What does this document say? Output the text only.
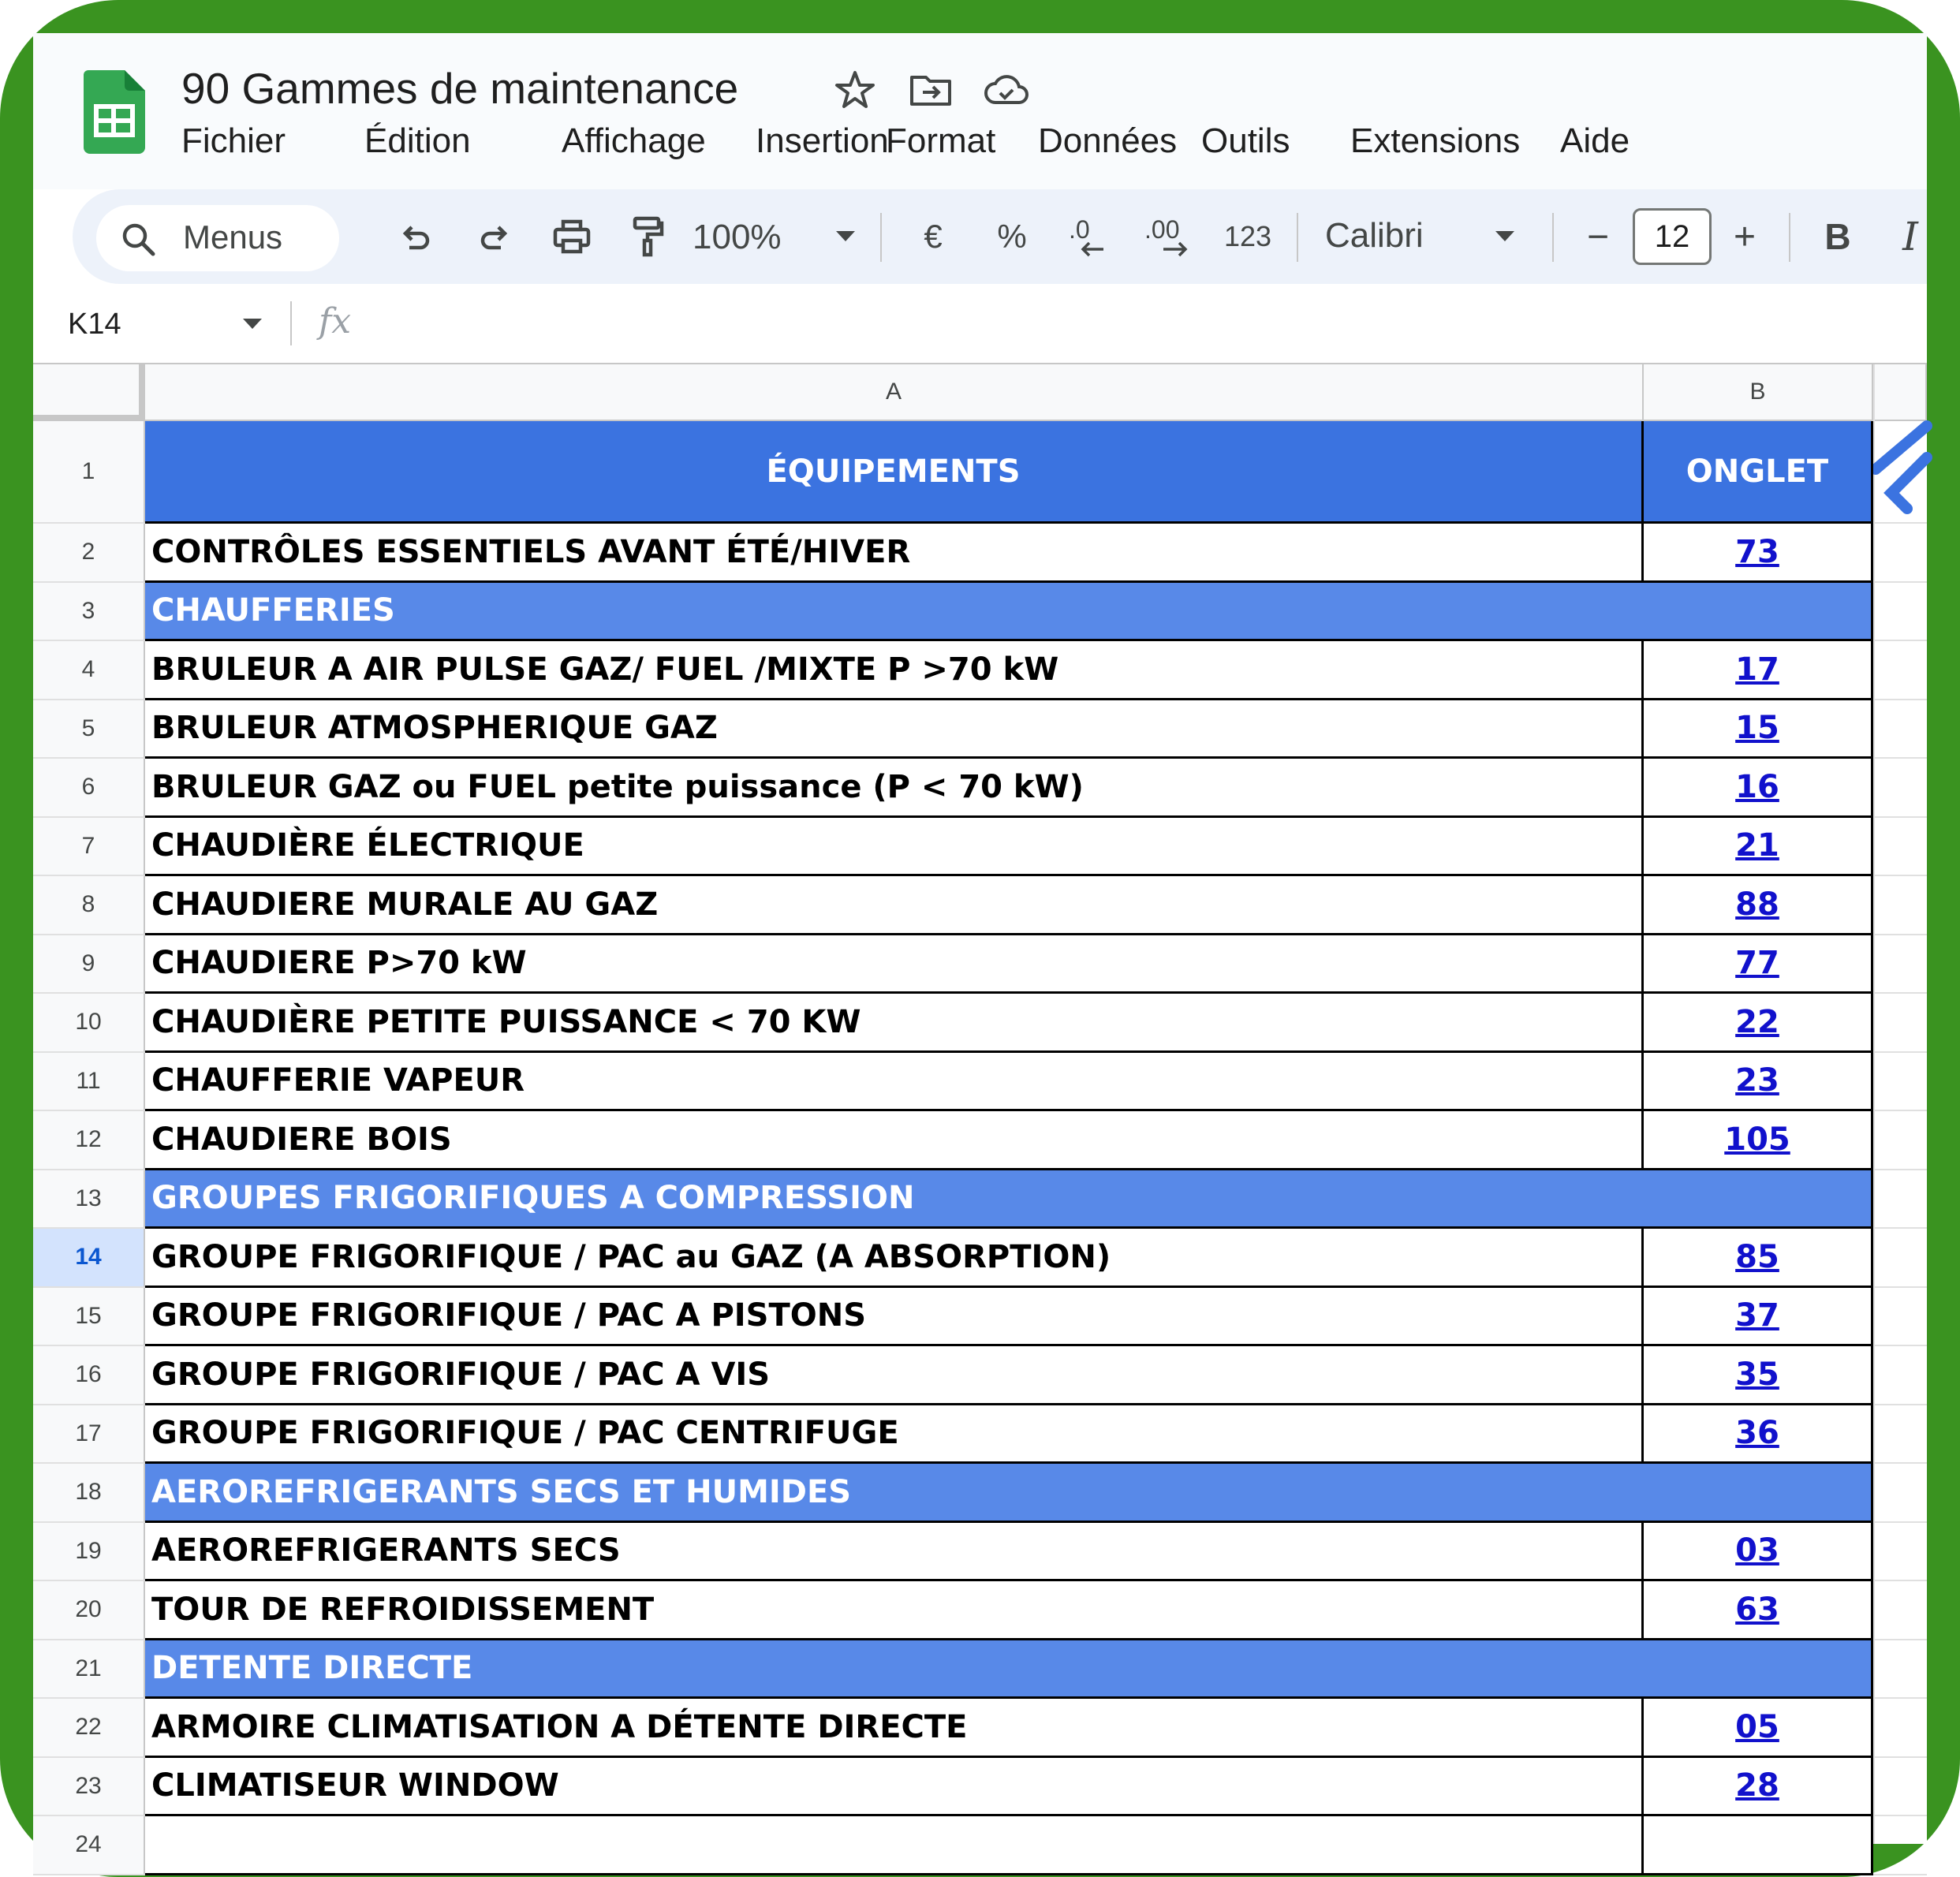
90 Gammes de maintenance
Fichier Édition	Affichage Insertion
Format Données Outils Extensions Aide
Menus	100%	€	%	.0 .00 123 Calibri	−	12	+	B	I
K14	fx
A	B
1	ÉQUIPEMENTS	ONGLET
2	CONTRÔLES ESSENTIELS AVANT ÉTÉ/HIVER	73
3	CHAUFFERIES
4	BRULEUR A AIR PULSE GAZ/ FUEL /MIXTE P >70 kW	17
5	BRULEUR ATMOSPHERIQUE GAZ	15
6	BRULEUR GAZ ou FUEL petite puissance (P < 70 kW)	16
7	CHAUDIÈRE ÉLECTRIQUE	21
8	CHAUDIERE MURALE AU GAZ	88
9	CHAUDIERE P>70 kW	77
10	CHAUDIÈRE PETITE PUISSANCE < 70 KW	22
11	CHAUFFERIE VAPEUR	23
12	CHAUDIERE BOIS	105
13	GROUPES FRIGORIFIQUES A COMPRESSION
14	GROUPE FRIGORIFIQUE / PAC au GAZ (A ABSORPTION)	85
15	GROUPE FRIGORIFIQUE / PAC A PISTONS	37
16	GROUPE FRIGORIFIQUE / PAC A VIS	35
17	GROUPE FRIGORIFIQUE / PAC CENTRIFUGE	36
18	AEROREFRIGERANTS SECS ET HUMIDES
19	AEROREFRIGERANTS SECS	03
20	TOUR DE REFROIDISSEMENT	63
21	DETENTE DIRECTE
22	ARMOIRE CLIMATISATION A DÉTENTE DIRECTE	05
23	CLIMATISEUR WINDOW	28
24
